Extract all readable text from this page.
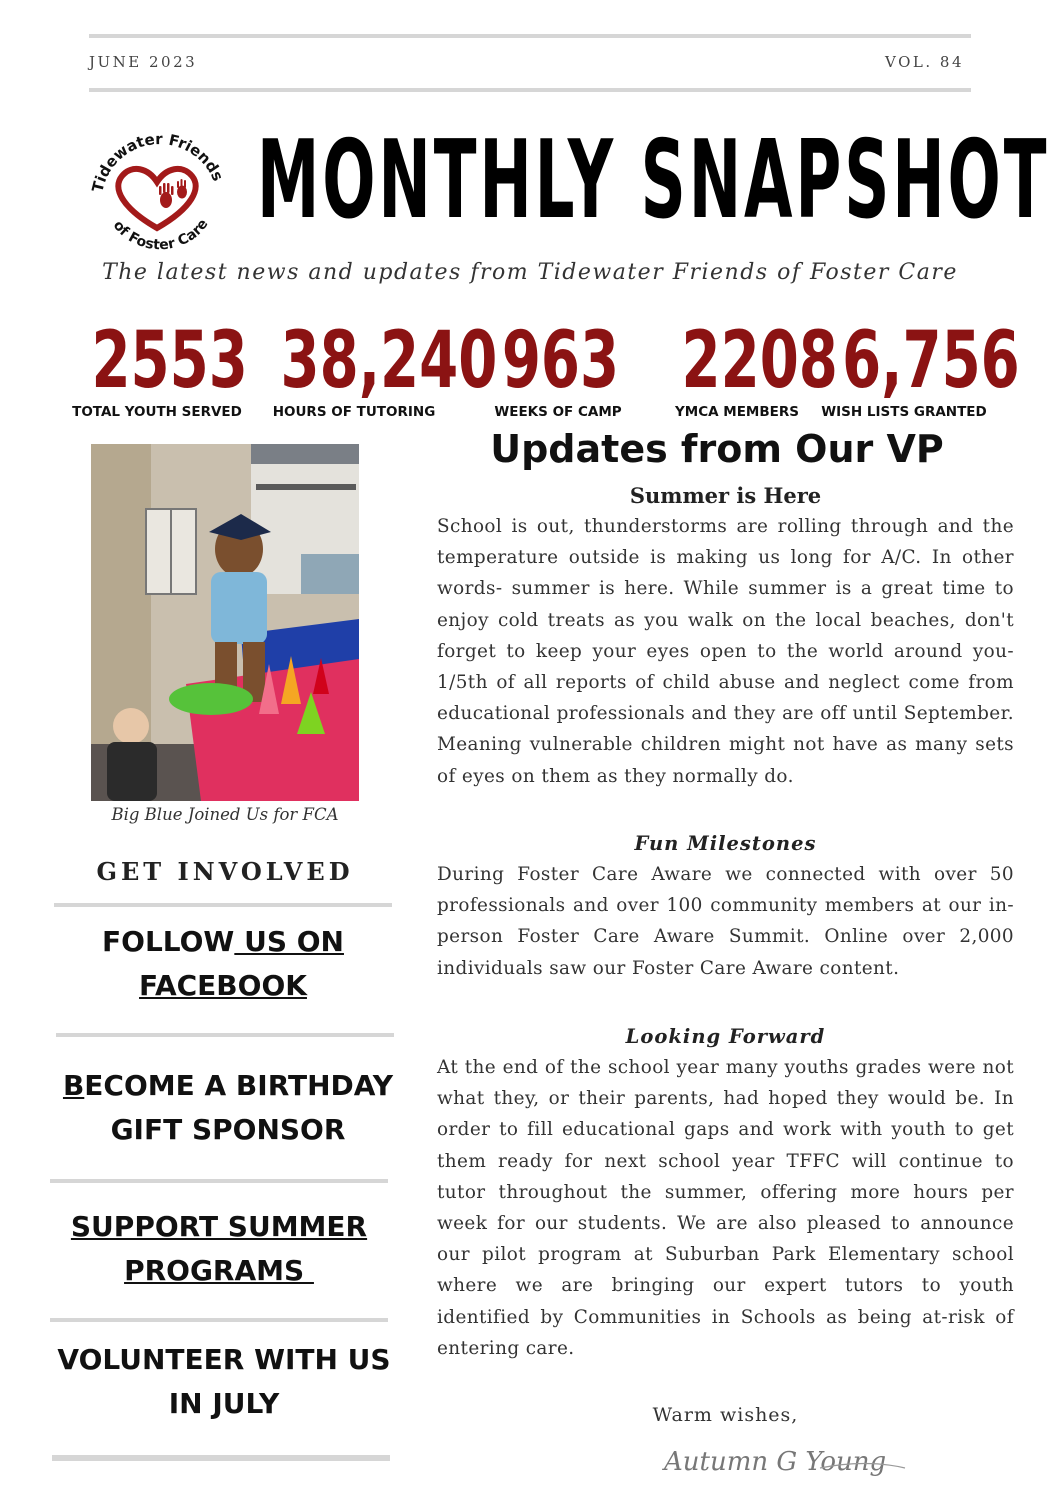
JUNE 2023	VOL. 84
Tidewater Friends
of Foster Care MONTHLY SNAPSHOT
The latest news and updates from Tidewater Friends of Foster Care
2553
TOTAL YOUTH SERVED
38,240
HOURS OF TUTORING
963
WEEKS OF CAMP
2208
YMCA MEMBERS
6,756
WISH LISTS GRANTED
Big Blue Joined Us for FCA
GET INVOLVED
FOLLOW US ON
FACEBOOK
BECOME A BIRTHDAY
GIFT SPONSOR
SUPPORT SUMMER
PROGRAMS
VOLUNTEER WITH US
IN JULY
Updates from Our VP
Summer is Here

School is out, thunderstorms are rolling through and the temperature outside is making us long for A/C. In other words- summer is here. While summer is a great time to enjoy cold treats as you walk on the local beaches, don't forget to keep your eyes open to the world around you- 1/5th of all reports of child abuse and neglect come from educational professionals and they are off until September. Meaning vulnerable children might not have as many sets of eyes on them as they normally do.

Fun Milestones

During Foster Care Aware we connected with over 50 professionals and over 100 community members at our in-person Foster Care Aware Summit. Online over 2,000 individuals saw our Foster Care Aware content.

Looking Forward

At the end of the school year many youths grades were not what they, or their parents, had hoped they would be. In order to fill educational gaps and work with youth to get them ready for next school year TFFC will continue to tutor throughout the summer, offering more hours per week for our students. We are also pleased to announce our pilot program at Suburban Park Elementary school where we are bringing our expert tutors to youth identified by Communities in Schools as being at-risk of entering care.

Warm wishes,
Autumn G Young
